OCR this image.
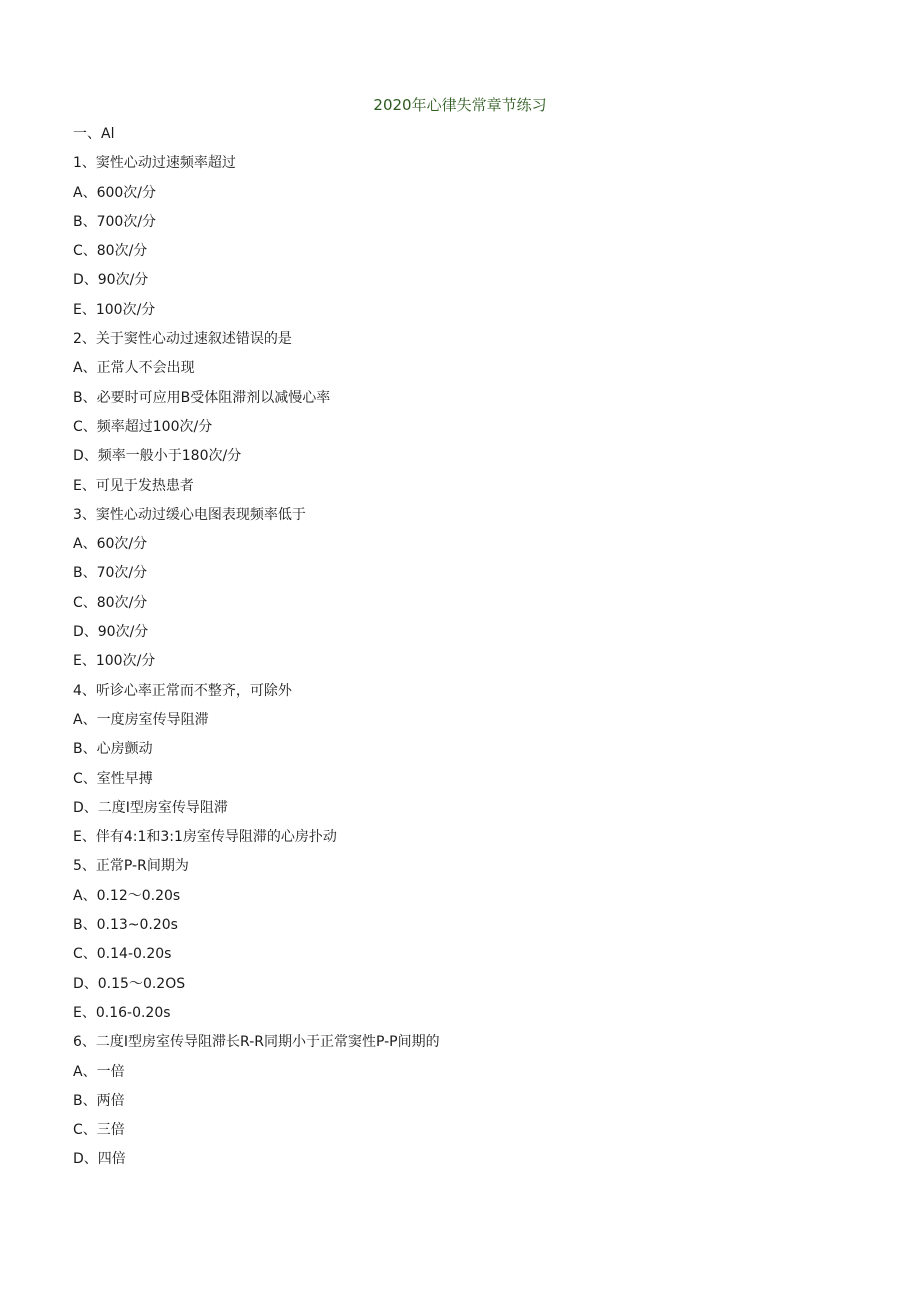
2020年心律失常章节练习
一、Al
1、窦性心动过速频率超过
A、600次/分
B、700次/分
C、80次/分
D、90次/分
E、100次/分
2、关于窦性心动过速叙述错误的是
A、正常人不会出现
B、必要时可应用B受体阻滞剂以减慢心率
C、频率超过100次/分
D、频率一般小于180次/分
E、可见于发热患者
3、窦性心动过缓心电图表现频率低于
A、60次/分
B、70次/分
C、80次/分
D、90次/分
E、100次/分
4、听诊心率正常而不整齐，可除外
A、一度房室传导阻滞
B、心房颤动
C、室性早搏
D、二度I型房室传导阻滞
E、伴有4:1和3:1房室传导阻滞的心房扑动
5、正常P-R间期为
A、0.12～0.20s
B、0.13~0.20s
C、0.14-0.20s
D、0.15～0.2OS
E、0.16-0.20s
6、二度I型房室传导阻滞长R-R同期小于正常窦性P-P间期的
A、一倍
B、两倍
C、三倍
D、四倍
